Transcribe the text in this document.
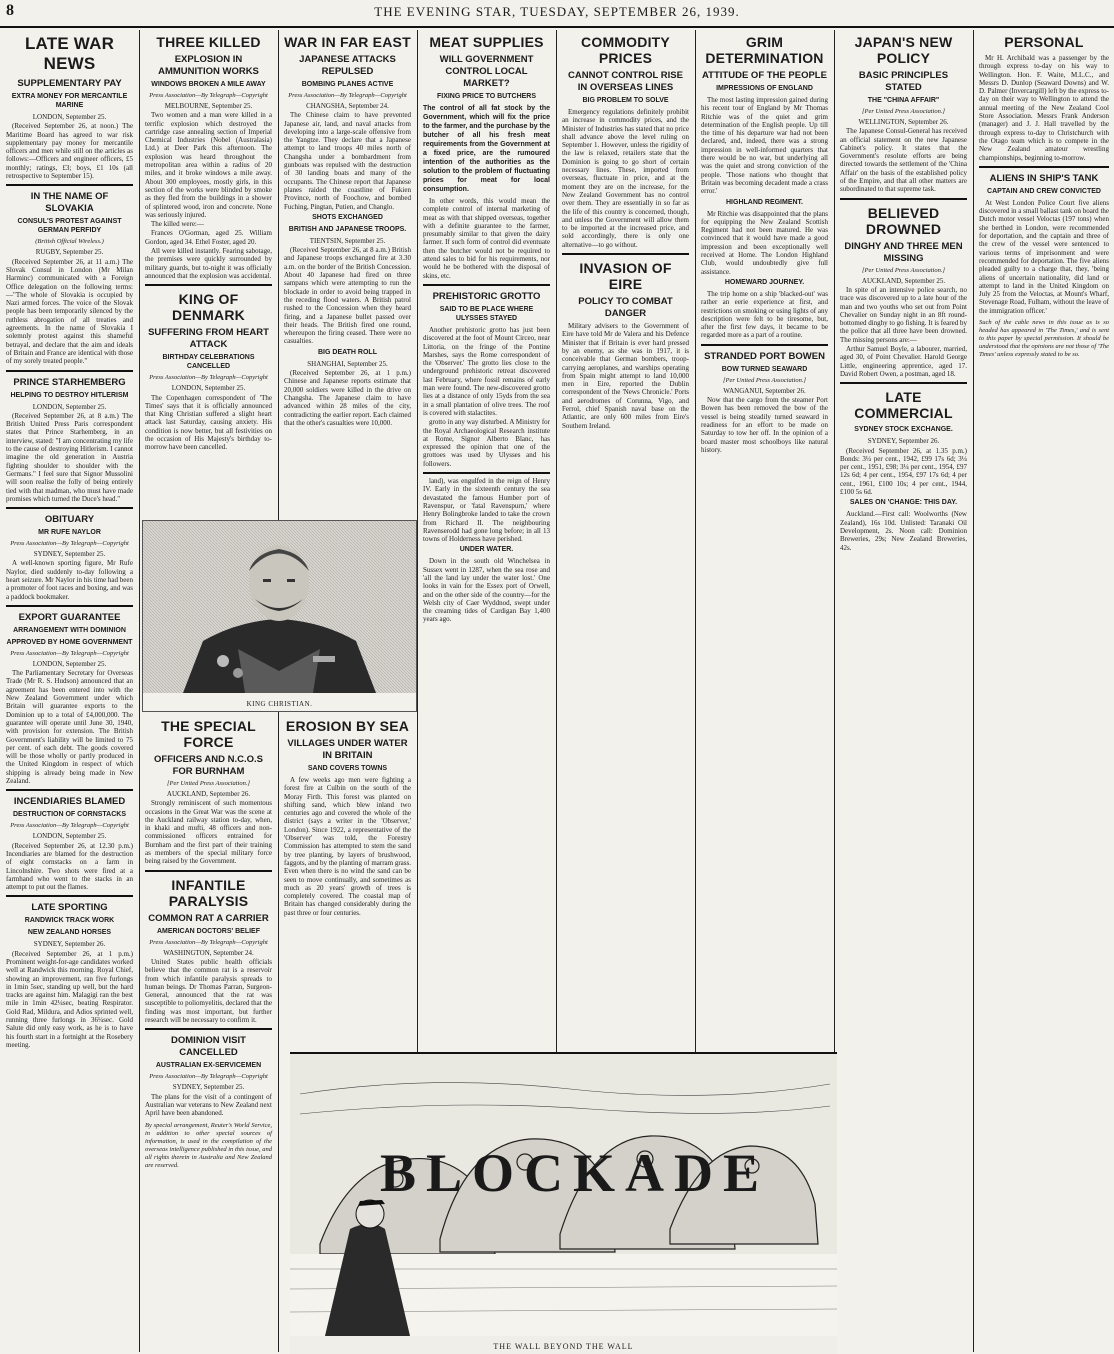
8	THE EVENING STAR, TUESDAY, SEPTEMBER 26, 1939.
LATE WAR NEWS
SUPPLEMENTARY PAY
EXTRA MONEY FOR MERCANTILE MARINE
LONDON, September 25.
(Received September 26, at noon.) The Maritime Board has agreed to war risk supplementary pay money for mercantile officers and men while still on the articles as follows:—Officers and engineer officers, £5 monthly; ratings, £3; boys, £1 10s (all retrospective to September 15).
IN THE NAME OF SLOVAKIA
CONSUL'S PROTEST AGAINST GERMAN PERFIDY
(British Official Wireless.)
RUGBY, September 25.
(Received September 26, at 11 a.m.) The Slovak Consul in London (Mr Milan Harminc) communicated with a Foreign Office delegation on the following terms:—"The whole of Slovakia is occupied by Nazi armed forces. The voice of the Slovak people has been temporarily silenced by the ruthless abrogation of all treaties and agreements. In the name of Slovakia I solemnly protest against this shameful betrayal, and declare that the aim and ideals of Britain and France are identical with those of my sorely treated people."
PRINCE STARHEMBERG
HELPING TO DESTROY HITLERISM
LONDON, September 25.
(Received September 26, at 8 a.m.) The British United Press Paris correspondent states that Prince Starhemberg, in an interview, stated: "I am concentrating my life to the cause of destroying Hitlerism. I cannot imagine the old generation in Austria fighting shoulder to shoulder with the Germans." I feel sure that Signor Mussolini will soon realise the folly of being entirely tied with that madman, who must have made promises which turned the Duce's head."
OBITUARY
MR RUFE NAYLOR
Press Association—By Telegraph—Copyright
SYDNEY, September 25.
A well-known sporting figure, Mr Rufe Naylor, died suddenly to-day following a heart seizure. Mr Naylor in his time had been a promoter of foot races and boxing, and was a paddock bookmaker.
EXPORT GUARANTEE
ARRANGEMENT WITH DOMINION
APPROVED BY HOME GOVERNMENT
Press Association—By Telegraph—Copyright
LONDON, September 25.
The Parliamentary Secretary for Overseas Trade (Mr R. S. Hudson) announced that an agreement has been entered into with the New Zealand Government under which Britain will guarantee exports to the Dominion up to a total of £4,000,000. The guarantee will operate until June 30, 1940, with provision for extension. The British Government's liability will be limited to 75 per cent. of each debt. The goods covered will be those wholly or partly produced in the United Kingdom in respect of which shipping is already being made in New Zealand.
INCENDIARIES BLAMED
DESTRUCTION OF CORNSTACKS
Press Association—By Telegraph—Copyright
LONDON, September 25.
(Received September 26, at 12.30 p.m.) Incendiaries are blamed for the destruction of eight cornstacks on a farm in Lincolnshire. Two shots were fired at a farmhand who went to the stacks in an attempt to put out the flames.
LATE SPORTING
RANDWICK TRACK WORK
NEW ZEALAND HORSES
SYDNEY, September 26.
(Received September 26, at 1 p.m.) Prominent weight-for-age candidates worked well at Randwick this morning. Royal Chief, showing an improvement, ran five furlongs in 1min 5sec, standing up well, but the hard tracks are against him. Malagigi ran the best mile in 1min 42¼sec, beating Respirator. Gold Rad, Mildura, and Adios sprinted well, running three furlongs in 36¼sec. Gold Salute did only easy work, as he is to have his fourth start in a fortnight at the Rosebery meeting.
THREE KILLED
EXPLOSION IN AMMUNITION WORKS
WINDOWS BROKEN A MILE AWAY
Press Association—By Telegraph—Copyright
MELBOURNE, September 25.
Two women and a man were killed in a terrific explosion which destroyed the cartridge case annealing section of Imperial Chemical Industries (Nobel (Australasia) Ltd.) at Deer Park this afternoon. The explosion was heard throughout the metropolitan area within a radius of 20 miles, and it broke windows a mile away. About 300 employees, mostly girls, in this section of the works were blinded by smoke as they fled from the buildings in a shower of splintered wood, iron and concrete. None was seriously injured.
The killed were:—
Frances O'Gorman, aged 25. William Gordon, aged 34. Ethel Foster, aged 20.
All were killed instantly. Fearing sabotage, the premises were quickly surrounded by military guards, but to-night it was officially announced that the explosion was accidental.
KING OF DENMARK
SUFFERING FROM HEART ATTACK
BIRTHDAY CELEBRATIONS CANCELLED
Press Association—By Telegraph—Copyright
LONDON, September 25.
The Copenhagen correspondent of 'The Times' says that it is officially announced that King Christian suffered a slight heart attack last Saturday, causing anxiety. His condition is now better, but all festivities on the occasion of His Majesty's birthday to-morrow have been cancelled.
KING CHRISTIAN.
THE SPECIAL FORCE
OFFICERS AND N.C.O.S FOR BURNHAM
[Per United Press Association.]
AUCKLAND, September 26.
Strongly reminiscent of such momentous occasions in the Great War was the scene at the Auckland railway station to-day, when, in khaki and mufti, 48 officers and non-commissioned officers entrained for Burnham and the first part of their training as members of the special military force being raised by the Government.
INFANTILE PARALYSIS
COMMON RAT A CARRIER
AMERICAN DOCTORS' BELIEF
Press Association—By Telegraph—Copyright
WASHINGTON, September 24.
United States public health officials believe that the common rat is a reservoir from which infantile paralysis spreads to human beings. Dr Thomas Parran, Surgeon-General, announced that the rat was susceptible to poliomyelitis, declared that the finding was most important, but further research will be necessary to confirm it.
DOMINION VISIT CANCELLED
AUSTRALIAN EX-SERVICEMEN
Press Association—By Telegraph—Copyright
SYDNEY, September 25.
The plans for the visit of a contingent of Australian war veterans to New Zealand next April have been abandoned.
By special arrangement, Reuter's World Service, in addition to other special sources of information, is used in the compilation of the overseas intelligence published in this issue, and all rights therein in Australia and New Zealand are reserved.
WAR IN FAR EAST
JAPANESE ATTACKS REPULSED
BOMBING PLANES ACTIVE
Press Association—By Telegraph—Copyright
CHANGSHA, September 24.
The Chinese claim to have prevented Japanese air, land, and naval attacks from developing into a large-scale offensive from the Yangtze. They declare that a Japanese attempt to land troops 40 miles north of Changsha under a bombardment from gunboats was repulsed with the destruction of 30 landing boats and many of the occupants. The Chinese report that Japanese planes raided the coastline of Fukien Province, north of Foochow, and bombed Fuching, Pingtan, Putien, and Changlo.
SHOTS EXCHANGED
BRITISH AND JAPANESE TROOPS.
TIENTSIN, September 25.
(Received September 26, at 8 a.m.) British and Japanese troops exchanged fire at 3.30 a.m. on the border of the British Concession. About 40 Japanese had fired on three sampans which were attempting to run the blockade in order to avoid being trapped in the receding flood waters. A British patrol rushed to the Concession when they heard firing, and a Japanese bullet passed over their heads. The British fired one round, whereupon the firing ceased. There were no casualties.
BIG DEATH ROLL
SHANGHAI, September 25.
(Received September 26, at 1 p.m.) Chinese and Japanese reports estimate that 20,000 soldiers were killed in the drive on Changsha. The Japanese claim to have advanced within 28 miles of the city, contradicting the earlier report. Each claimed that the other's casualties were 10,000.
EROSION BY SEA
VILLAGES UNDER WATER IN BRITAIN
SAND COVERS TOWNS
A few weeks ago men were fighting a forest fire at Culbin on the south of the Moray Firth. This forest was planted on shifting sand, which blew inland two centuries ago and covered the whole of the district (says a writer in the 'Observer,' London). Since 1922, a representative of the 'Observer' was told, the Forestry Commission has attempted to stem the sand by tree planting, by layers of brushwood, faggots, and by the planting of marram grass. Even when there is no wind the sand can be seen to move continually, and sometimes as much as 20 years' growth of trees is completely covered. The coastal map of Britain has changed considerably during the past three or four centuries.
MEAT SUPPLIES
WILL GOVERNMENT CONTROL LOCAL MARKET?
FIXING PRICE TO BUTCHERS
The control of all fat stock by the Government, which will fix the price to the farmer, and the purchase by the butcher of all his fresh meat requirements from the Government at a fixed price, are the rumoured intention of the authorities as the solution to the problem of fluctuating prices for meat for local consumption.
In other words, this would mean the complete control of internal marketing of meat as with that shipped overseas, together with a definite guarantee to the farmer, presumably similar to that given the dairy farmer. If such form of control did eventuate then the butcher would not be required to attend sales to bid for his requirements, nor would he be bothered with the disposal of skins, etc.
PREHISTORIC GROTTO
SAID TO BE PLACE WHERE ULYSSES STAYED
Another prehistoric grotto has just been discovered at the foot of Mount Circeo, near Littoria, on the fringe of the Pontine Marshes, says the Rome correspondent of the 'Observer.' The grotto lies close to the underground prehistoric retreat discovered last February, where fossil remains of early man were found. The new-discovered grotto lies at a distance of only 15yds from the sea in a small plantation of olive trees. The roof is covered with stalactites.
grotto in any way disturbed. A Ministry for the Royal Archaeological Research institute at Rome, Signor Alberto Blanc, has expressed the opinion that one of the grottoes was used by Ulysses and his followers.
land), was engulfed in the reign of Henry IV. Early in the sixteenth century the sea devastated the famous Humber port of Ravenspur, or 'fatal Ravenspurn,' where Henry Bolingbroke landed to take the crown from Richard II. The neighbouring Ravenserodd had gone long before; in all 13 towns of Holderness have perished.
UNDER WATER.
Down in the south old Winchelsea in Sussex went in 1287, when the sea rose and 'all the land lay under the water lost.' One looks in vain for the Essex port of Orwell, and on the other side of the country—for the Welsh city of Caer Wyddnod, swept under the creaming tides of Cardigan Bay 1,400 years ago.
COMMODITY PRICES
CANNOT CONTROL RISE IN OVERSEAS LINES
BIG PROBLEM TO SOLVE
Emergency regulations definitely prohibit an increase in commodity prices, and the Minister of Industries has stated that no price shall advance above the level ruling on September 1. However, unless the rigidity of the law is relaxed, retailers state that the Dominion is going to go short of certain necessary lines. These, imported from overseas, fluctuate in price, and at the moment they are on the increase, for the New Zealand Government has no control over them. They are essentially in so far as the life of this country is concerned, though, and unless the Government will allow them to be imported at the increased price, and sold accordingly, there is only one alternative—to go without.
INVASION OF EIRE
POLICY TO COMBAT DANGER
Military advisers to the Government of Eire have told Mr de Valera and his Defence Minister that if Britain is ever hard pressed by an enemy, as she was in 1917, it is conceivable that German bombers, troop-carrying aeroplanes, and warships operating from Spain might attempt to land 10,000 men in Eire, reported the Dublin correspondent of the 'News Chronicle.' Ports and aerodromes of Corunna, Vigo, and Ferrol, chief Spanish naval base on the Atlantic, are only 600 miles from Eire's Southern Ireland.
GRIM DETERMINATION
ATTITUDE OF THE PEOPLE
IMPRESSIONS OF ENGLAND
The most lasting impression gained during his recent tour of England by Mr Thomas Ritchie was of the quiet and grim determination of the English people. Up till the time of his departure war had not been declared, and, indeed, there was a strong impression in well-informed quarters that there would be no war, but underlying all was the quiet and strong conviction of the people. 'Those nations who thought that Britain was becoming decadent made a crass error.'
HIGHLAND REGIMENT.
Mr Ritchie was disappointed that the plans for equipping the New Zealand Scottish Regiment had not been matured. He was convinced that it would have made a good impression and been exceptionally well received at Home. The London Highland Club, would undoubtedly give full assistance.
HOMEWARD JOURNEY.
The trip home on a ship 'blacked-out' was rather an eerie experience at first, and restrictions on smoking or using lights of any description were felt to be tiresome, but, after the first few days, it became to be regarded more as a part of a routine.
STRANDED PORT BOWEN
BOW TURNED SEAWARD
[Per United Press Association.]
WANGANUI, September 26.
Now that the cargo from the steamer Port Bowen has been removed the bow of the vessel is being steadily turned seaward in readiness for an effort to be made on Saturday to tow her off. In the opinion of a board master most schoolboys like natural history.
JAPAN'S NEW POLICY
BASIC PRINCIPLES STATED
THE "CHINA AFFAIR"
[Per United Press Association.]
WELLINGTON, September 26.
The Japanese Consul-General has received an official statement on the new Japanese Cabinet's policy. It states that the Government's resolute efforts are being directed towards the settlement of the 'China Affair' on the basis of the established policy of the Empire, and that all other matters are subordinated to that supreme task.
BELIEVED DROWNED
DINGHY AND THREE MEN MISSING
[Per United Press Association.]
AUCKLAND, September 25.
In spite of an intensive police search, no trace was discovered up to a late hour of the man and two youths who set out from Point Chevalier on Sunday night in an 8ft round-bottomed dinghy to go fishing. It is feared by the police that all three have been drowned. The missing persons are:—
Arthur Samuel Boyle, a labourer, married, aged 30, of Point Chevalier. Harold George Little, engineering apprentice, aged 17. David Robert Owen, a postman, aged 18.
LATE COMMERCIAL
SYDNEY STOCK EXCHANGE.
SYDNEY, September 26.
(Received September 26, at 1.35 p.m.) Bonds: 3¼ per cent., 1942, £99 17s 6d; 3¼ per cent., 1951, £98; 3¼ per cent., 1954, £97 12s 6d; 4 per cent., 1954, £97 17s 6d; 4 per cent., 1961, £100 10s; 4 per cent., 1944, £100 5s 6d.
SALES ON 'CHANGE: THIS DAY.
Auckland.—First call: Woolworths (New Zealand), 16s 10d. Unlisted: Taranaki Oil Development, 2s. Noon call: Dominion Breweries, 29s; New Zealand Breweries, 42s.
PERSONAL
Mr H. Archibald was a passenger by the through express to-day on his way to Wellington. Hon. F. Waite, M.L.C., and Messrs D. Dunlop (Seaward Downs) and W. D. Palmer (Invercargill) left by the express to-day on their way to Wellington to attend the annual meeting of the New Zealand Cool Store Association. Messrs Frank Anderson (manager) and J. J. Hall travelled by the through express to-day to Christchurch with the Otago team which is to compete in the New Zealand amateur wrestling championships, beginning to-morrow.
ALIENS IN SHIP'S TANK
CAPTAIN AND CREW CONVICTED
At West London Police Court five aliens discovered in a small ballast tank on board the Dutch motor vessel Veloctas (197 tons) when she berthed in London, were recommended for deportation, and the captain and three of the crew of the vessel were sentenced to various terms of imprisonment and were recommended for deportation. The five aliens pleaded guilty to a charge that, they, 'being aliens of uncertain nationality, did land or attempt to land in the United Kingdom on July 25 from the Veloctas, at Mount's Wharf, Stevenage Road, Fulham, without the leave of the immigration officer.'
Such of the cable news in this issue as is so headed has appeared in 'The Times,' and is sent to this paper by special permission. It should be understood that the opinions are not those of 'The Times' unless expressly stated to be so.
BLOCKADE
THE WALL BEYOND THE WALL
